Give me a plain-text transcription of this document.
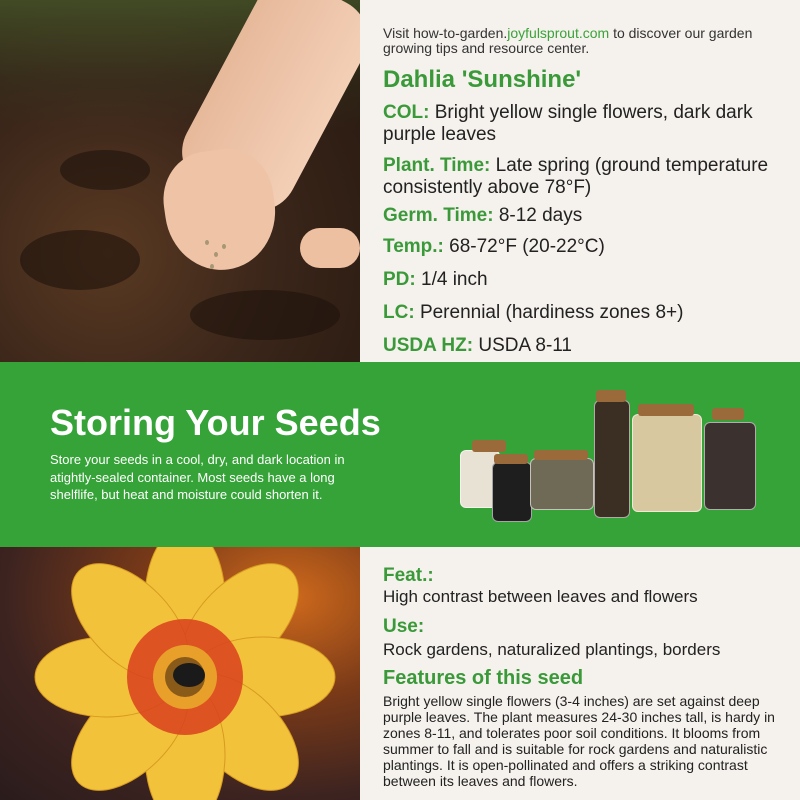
Visit how-to-garden.joyfulsprout.com to discover our garden growing tips and resource center.
Dahlia 'Sunshine'
COL: Bright yellow single flowers, dark dark purple leaves
Plant. Time: Late spring (ground temperature consistently above 78°F)
Germ. Time: 8-12 days
Temp.: 68-72°F (20-22°C)
PD: 1/4 inch
LC: Perennial (hardiness zones 8+)
USDA HZ: USDA 8-11
Storing Your Seeds
Store your seeds in a cool, dry, and dark location in atightly-sealed container. Most seeds have a long shelflife, but heat and moisture could shorten it.
Feat.:
High contrast between leaves and flowers
Use:
Rock gardens, naturalized plantings, borders
Features of this seed
Bright yellow single flowers (3-4 inches) are set against deep purple leaves. The plant measures 24-30 inches tall, is hardy in zones 8-11, and tolerates poor soil conditions. It blooms from summer to fall and is suitable for rock gardens and naturalistic plantings. It is open-pollinated and offers a striking contrast between its leaves and flowers.
